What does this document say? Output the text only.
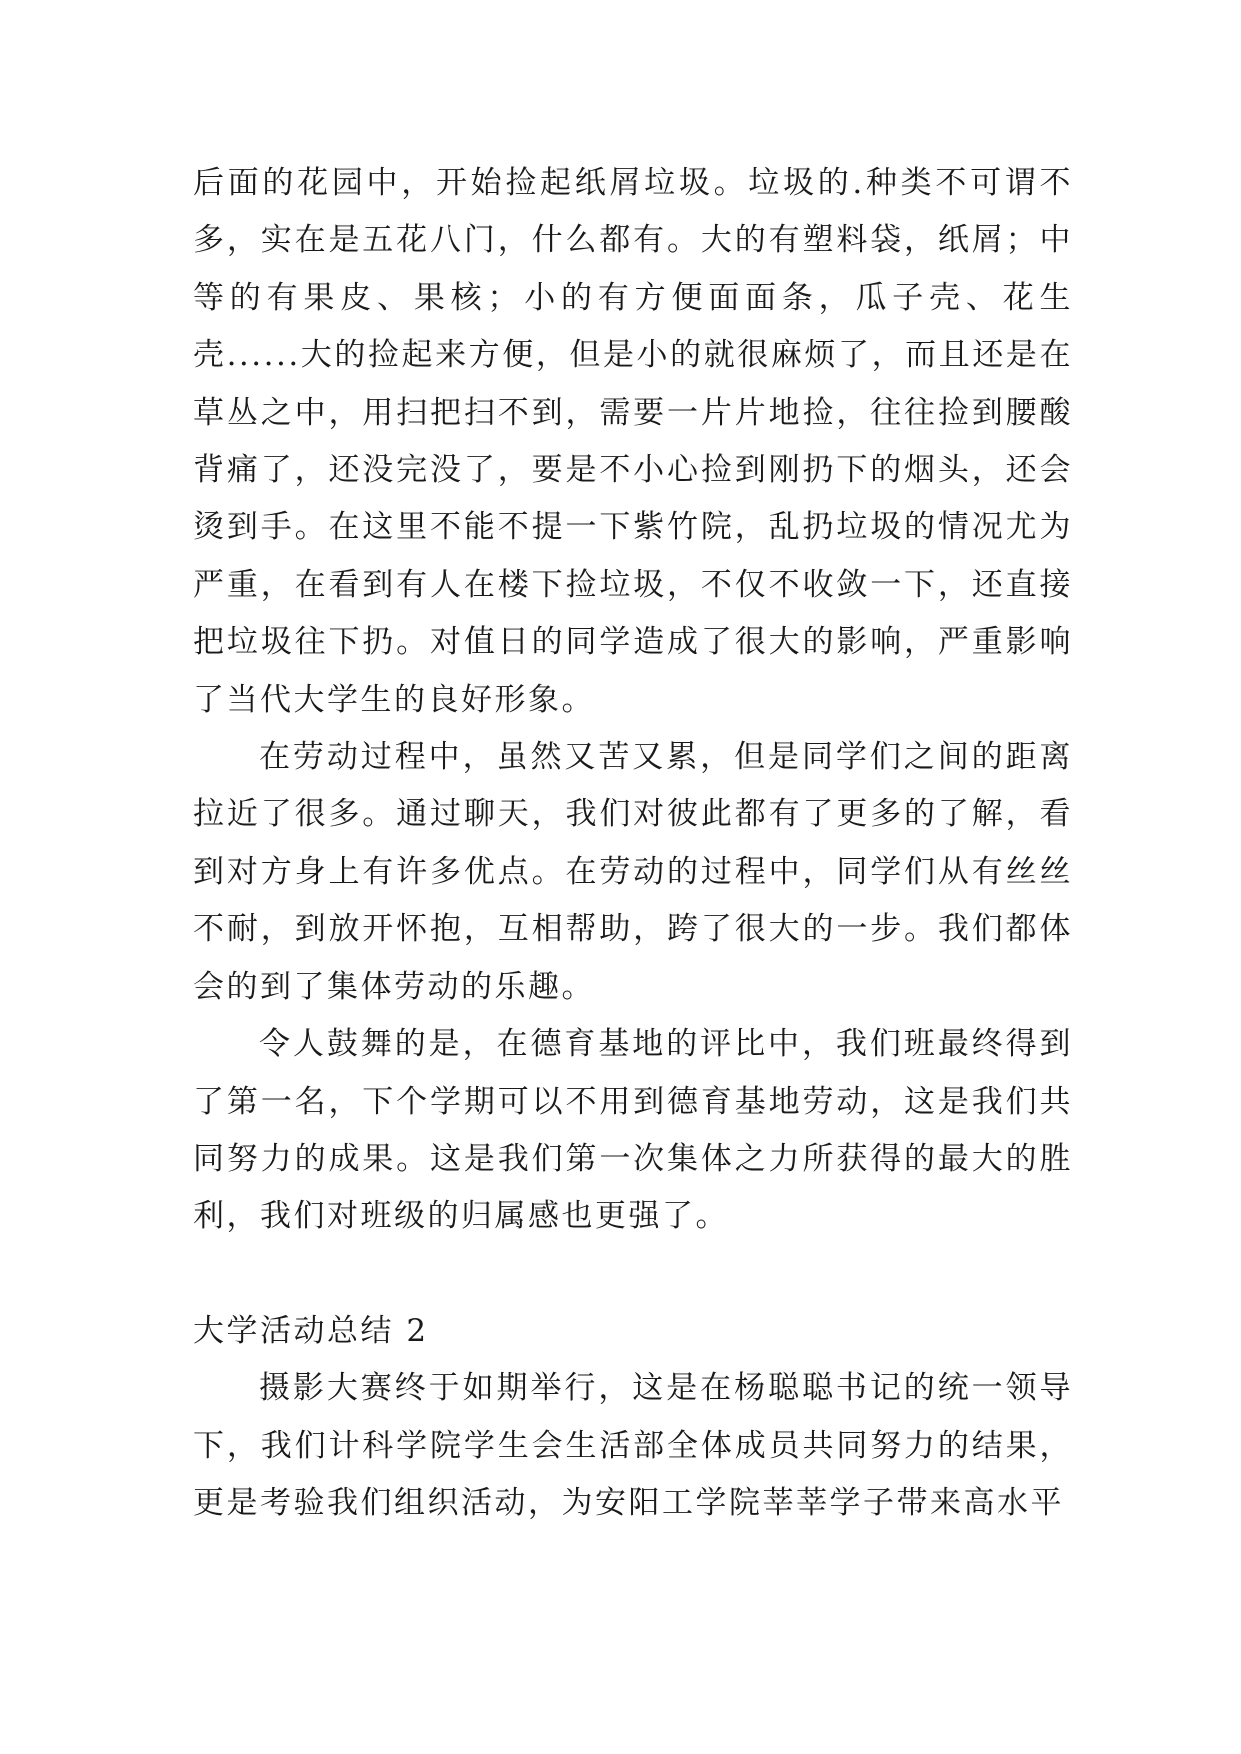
后面的花园中，开始捡起纸屑垃圾。垃圾的.种类不可谓不多，实在是五花八门，什么都有。大的有塑料袋，纸屑；中等的有果皮、果核；小的有方便面面条，瓜子壳、花生壳......大的捡起来方便，但是小的就很麻烦了，而且还是在草丛之中，用扫把扫不到，需要一片片地捡，往往捡到腰酸背痛了，还没完没了，要是不小心捡到刚扔下的烟头，还会烫到手。在这里不能不提一下紫竹院，乱扔垃圾的情况尤为严重，在看到有人在楼下捡垃圾，不仅不收敛一下，还直接把垃圾往下扔。对值日的同学造成了很大的影响，严重影响了当代大学生的良好形象。

在劳动过程中，虽然又苦又累，但是同学们之间的距离拉近了很多。通过聊天，我们对彼此都有了更多的了解，看到对方身上有许多优点。在劳动的过程中，同学们从有丝丝不耐，到放开怀抱，互相帮助，跨了很大的一步。我们都体会的到了集体劳动的乐趣。

令人鼓舞的是，在德育基地的评比中，我们班最终得到了第一名，下个学期可以不用到德育基地劳动，这是我们共同努力的成果。这是我们第一次集体之力所获得的最大的胜利，我们对班级的归属感也更强了。

大学活动总结 2

摄影大赛终于如期举行，这是在杨聪聪书记的统一领导下，我们计科学院学生会生活部全体成员共同努力的结果，更是考验我们组织活动，为安阳工学院莘莘学子带来高水平
